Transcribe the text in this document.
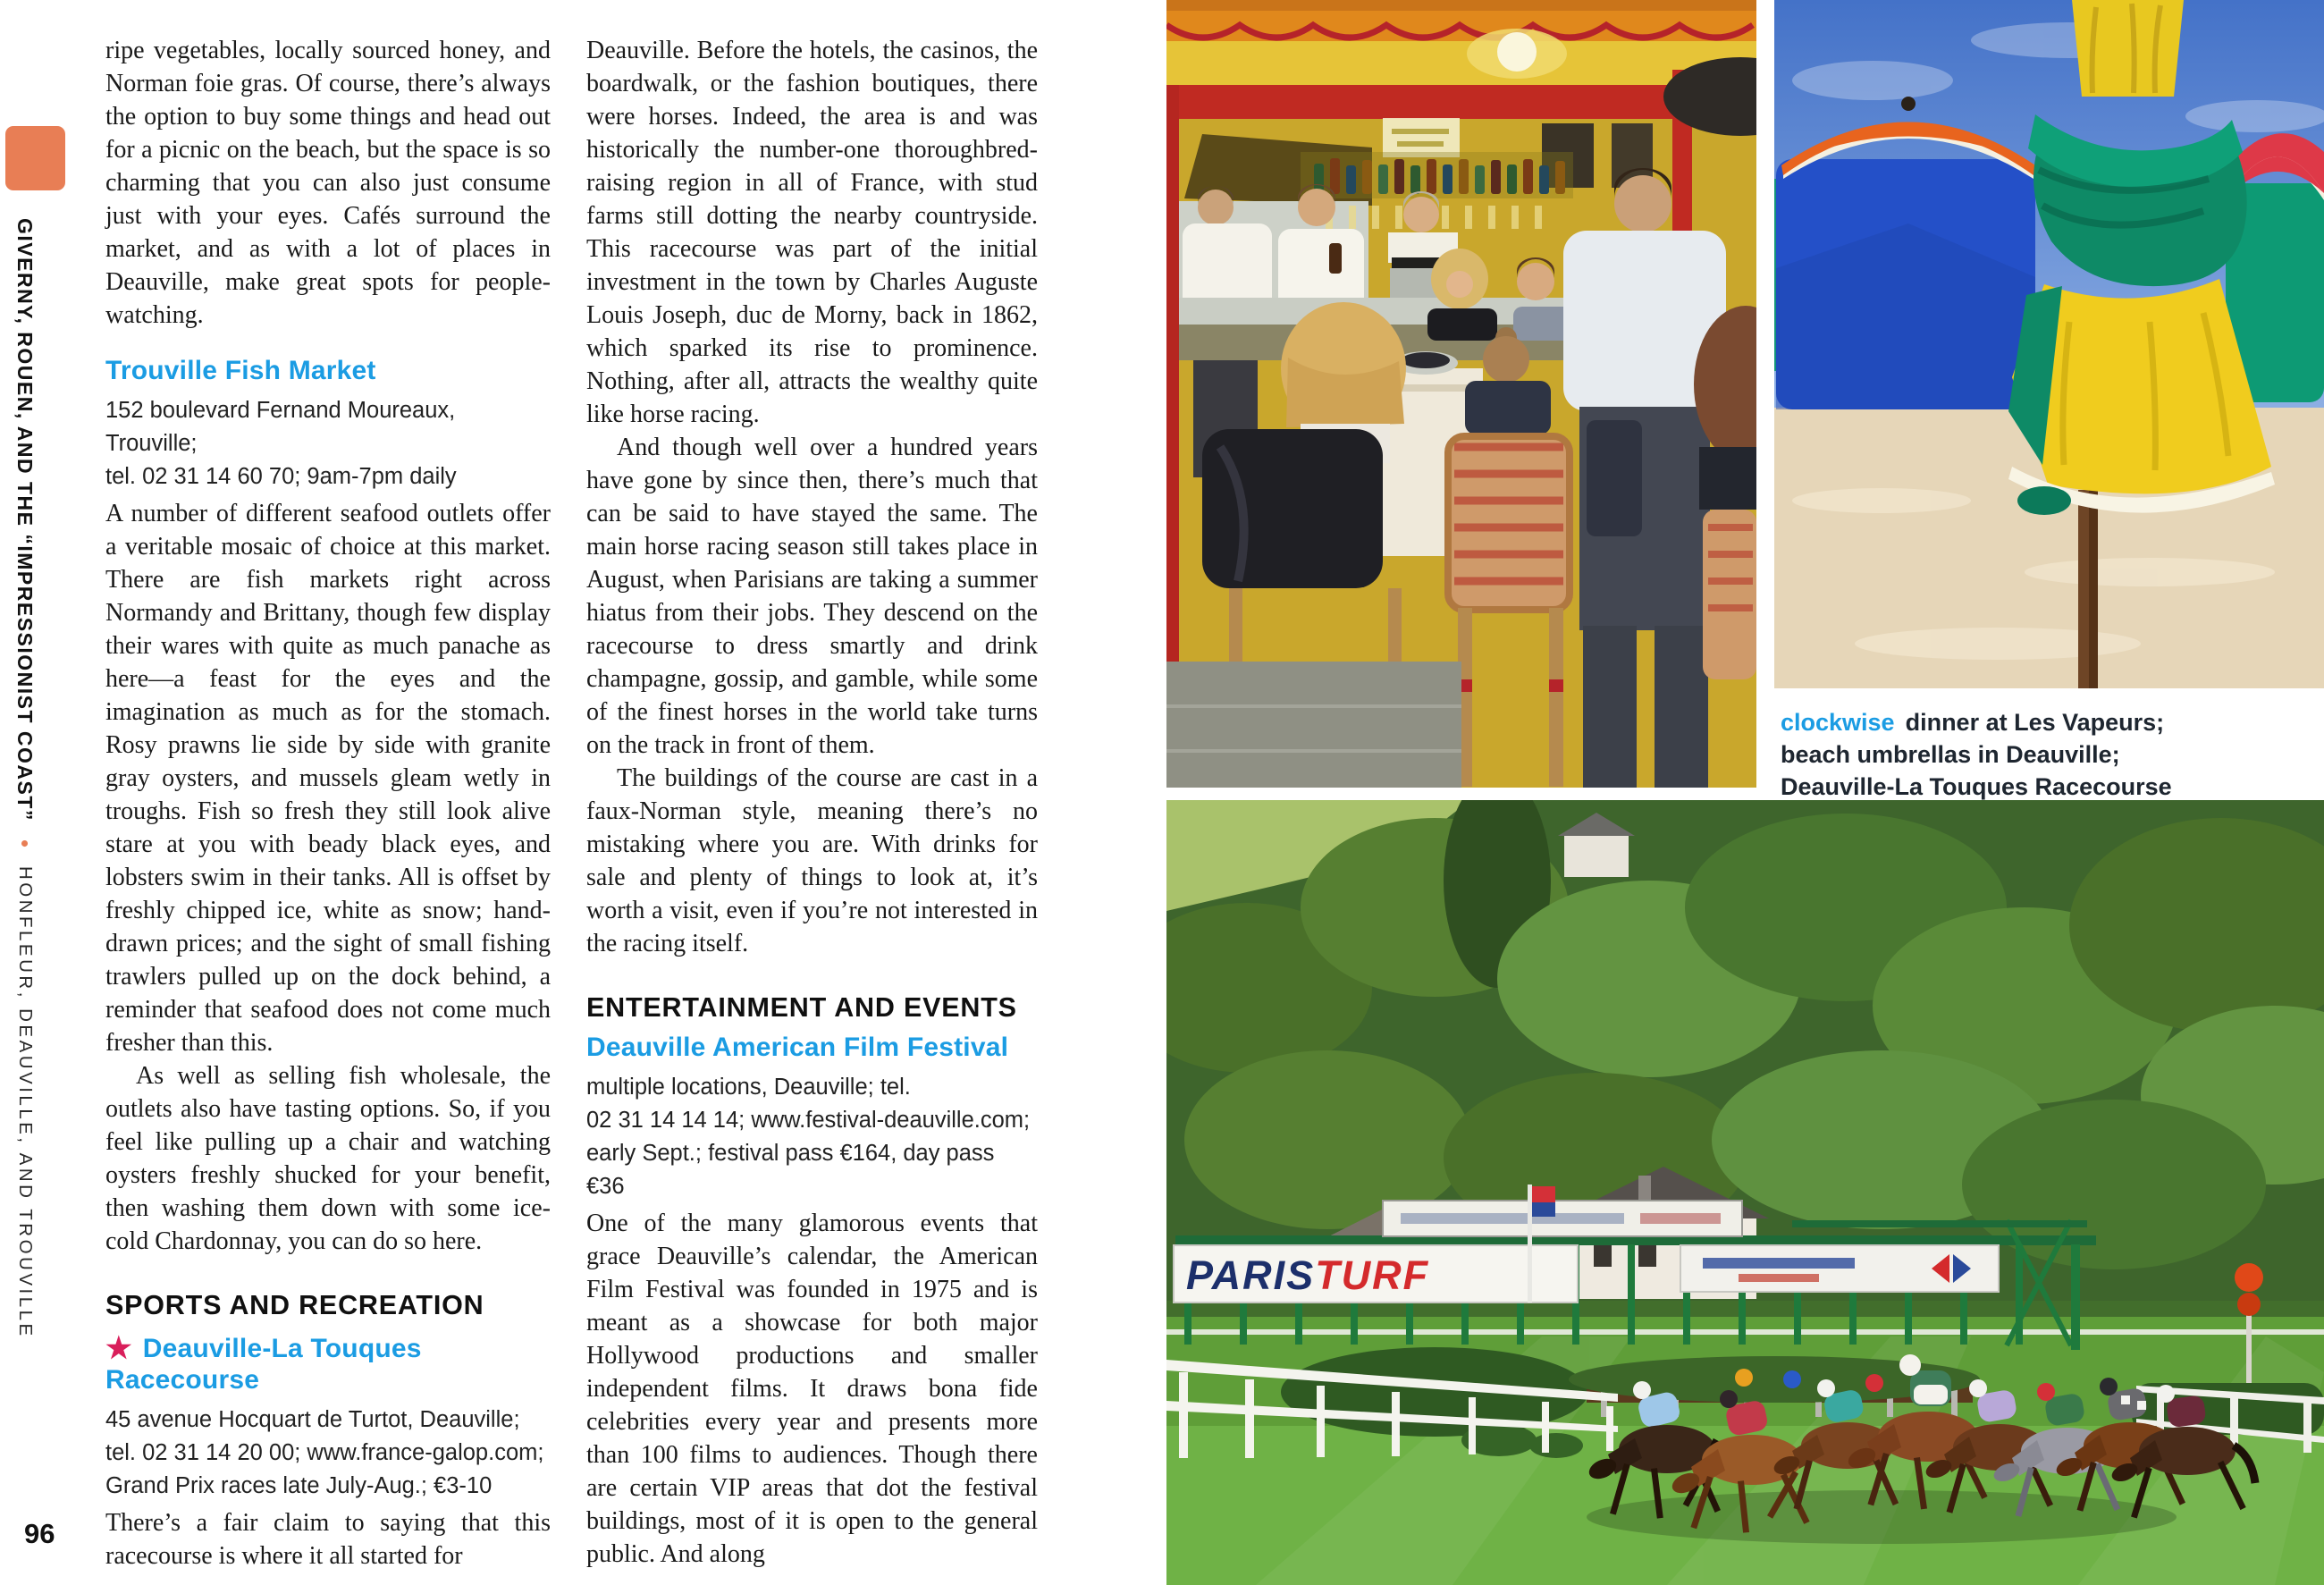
GIVERNY, ROUEN, AND THE “IMPRESSIONIST COAST” • HONFLEUR, DEAUVILLE, AND TROUVILLE
96

ripe vegetables, locally sourced honey, and Norman foie gras. Of course, there’s always the option to buy some things and head out for a picnic on the beach, but the space is so charming that you can also just consume just with your eyes. Cafés surround the market, and as with a lot of places in Deauville, make great spots for people-watching.

Trouville Fish Market
152 boulevard Fernand Moureaux, Trouville;
tel. 02 31 14 60 70; 9am-7pm daily

A number of different seafood outlets offer a veritable mosaic of choice at this market. There are fish markets right across Normandy and Brittany, though few display their wares with quite as much panache as here—a feast for the eyes and the imagination as much as for the stomach. Rosy prawns lie side by side with granite gray oysters, and mussels gleam wetly in troughs. Fish so fresh they still look alive stare at you with beady black eyes, and lobsters swim in their tanks. All is offset by freshly chipped ice, white as snow; hand-drawn prices; and the sight of small fishing trawlers pulled up on the dock behind, a reminder that seafood does not come much fresher than this.

As well as selling fish wholesale, the outlets also have tasting options. So, if you feel like pulling up a chair and watching oysters freshly shucked for your benefit, then washing them down with some ice-cold Chardonnay, you can do so here.

SPORTS AND RECREATION
★ Deauville-La Touques Racecourse
45 avenue Hocquart de Turtot, Deauville;
tel. 02 31 14 20 00; www.france-galop.com;
Grand Prix races late July-Aug.; €3-10

There’s a fair claim to saying that this racecourse is where it all started for

Deauville. Before the hotels, the casinos, the boardwalk, or the fashion boutiques, there were horses. Indeed, the area is and was historically the number-one thoroughbred-raising region in all of France, with stud farms still dotting the nearby countryside. This racecourse was part of the initial investment in the town by Charles Auguste Louis Joseph, duc de Morny, back in 1862, which sparked its rise to prominence. Nothing, after all, attracts the wealthy quite like horse racing.

And though well over a hundred years have gone by since then, there’s much that can be said to have stayed the same. The main horse racing season still takes place in August, when Parisians are taking a summer hiatus from their jobs. They descend on the racecourse to dress smartly and drink champagne, gossip, and gamble, while some of the finest horses in the world take turns on the track in front of them.

The buildings of the course are cast in a faux-Norman style, meaning there’s no mistaking where you are. With drinks for sale and plenty of things to look at, it’s worth a visit, even if you’re not interested in the racing itself.

ENTERTAINMENT AND EVENTS
Deauville American Film Festival
multiple locations, Deauville; tel.
02 31 14 14 14; www.festival-deauville.com;
early Sept.; festival pass €164, day pass €36

One of the many glamorous events that grace Deauville’s calendar, the American Film Festival was founded in 1975 and is meant as a showcase for both major Hollywood productions and smaller independent films. It draws bona fide celebrities every year and presents more than 100 films to audiences. Though there are certain VIP areas that dot the festival buildings, most of it is open to the general public. And along

clockwise dinner at Les Vapeurs; beach umbrellas in Deauville; Deauville-La Touques Racecourse
PARISTURF
